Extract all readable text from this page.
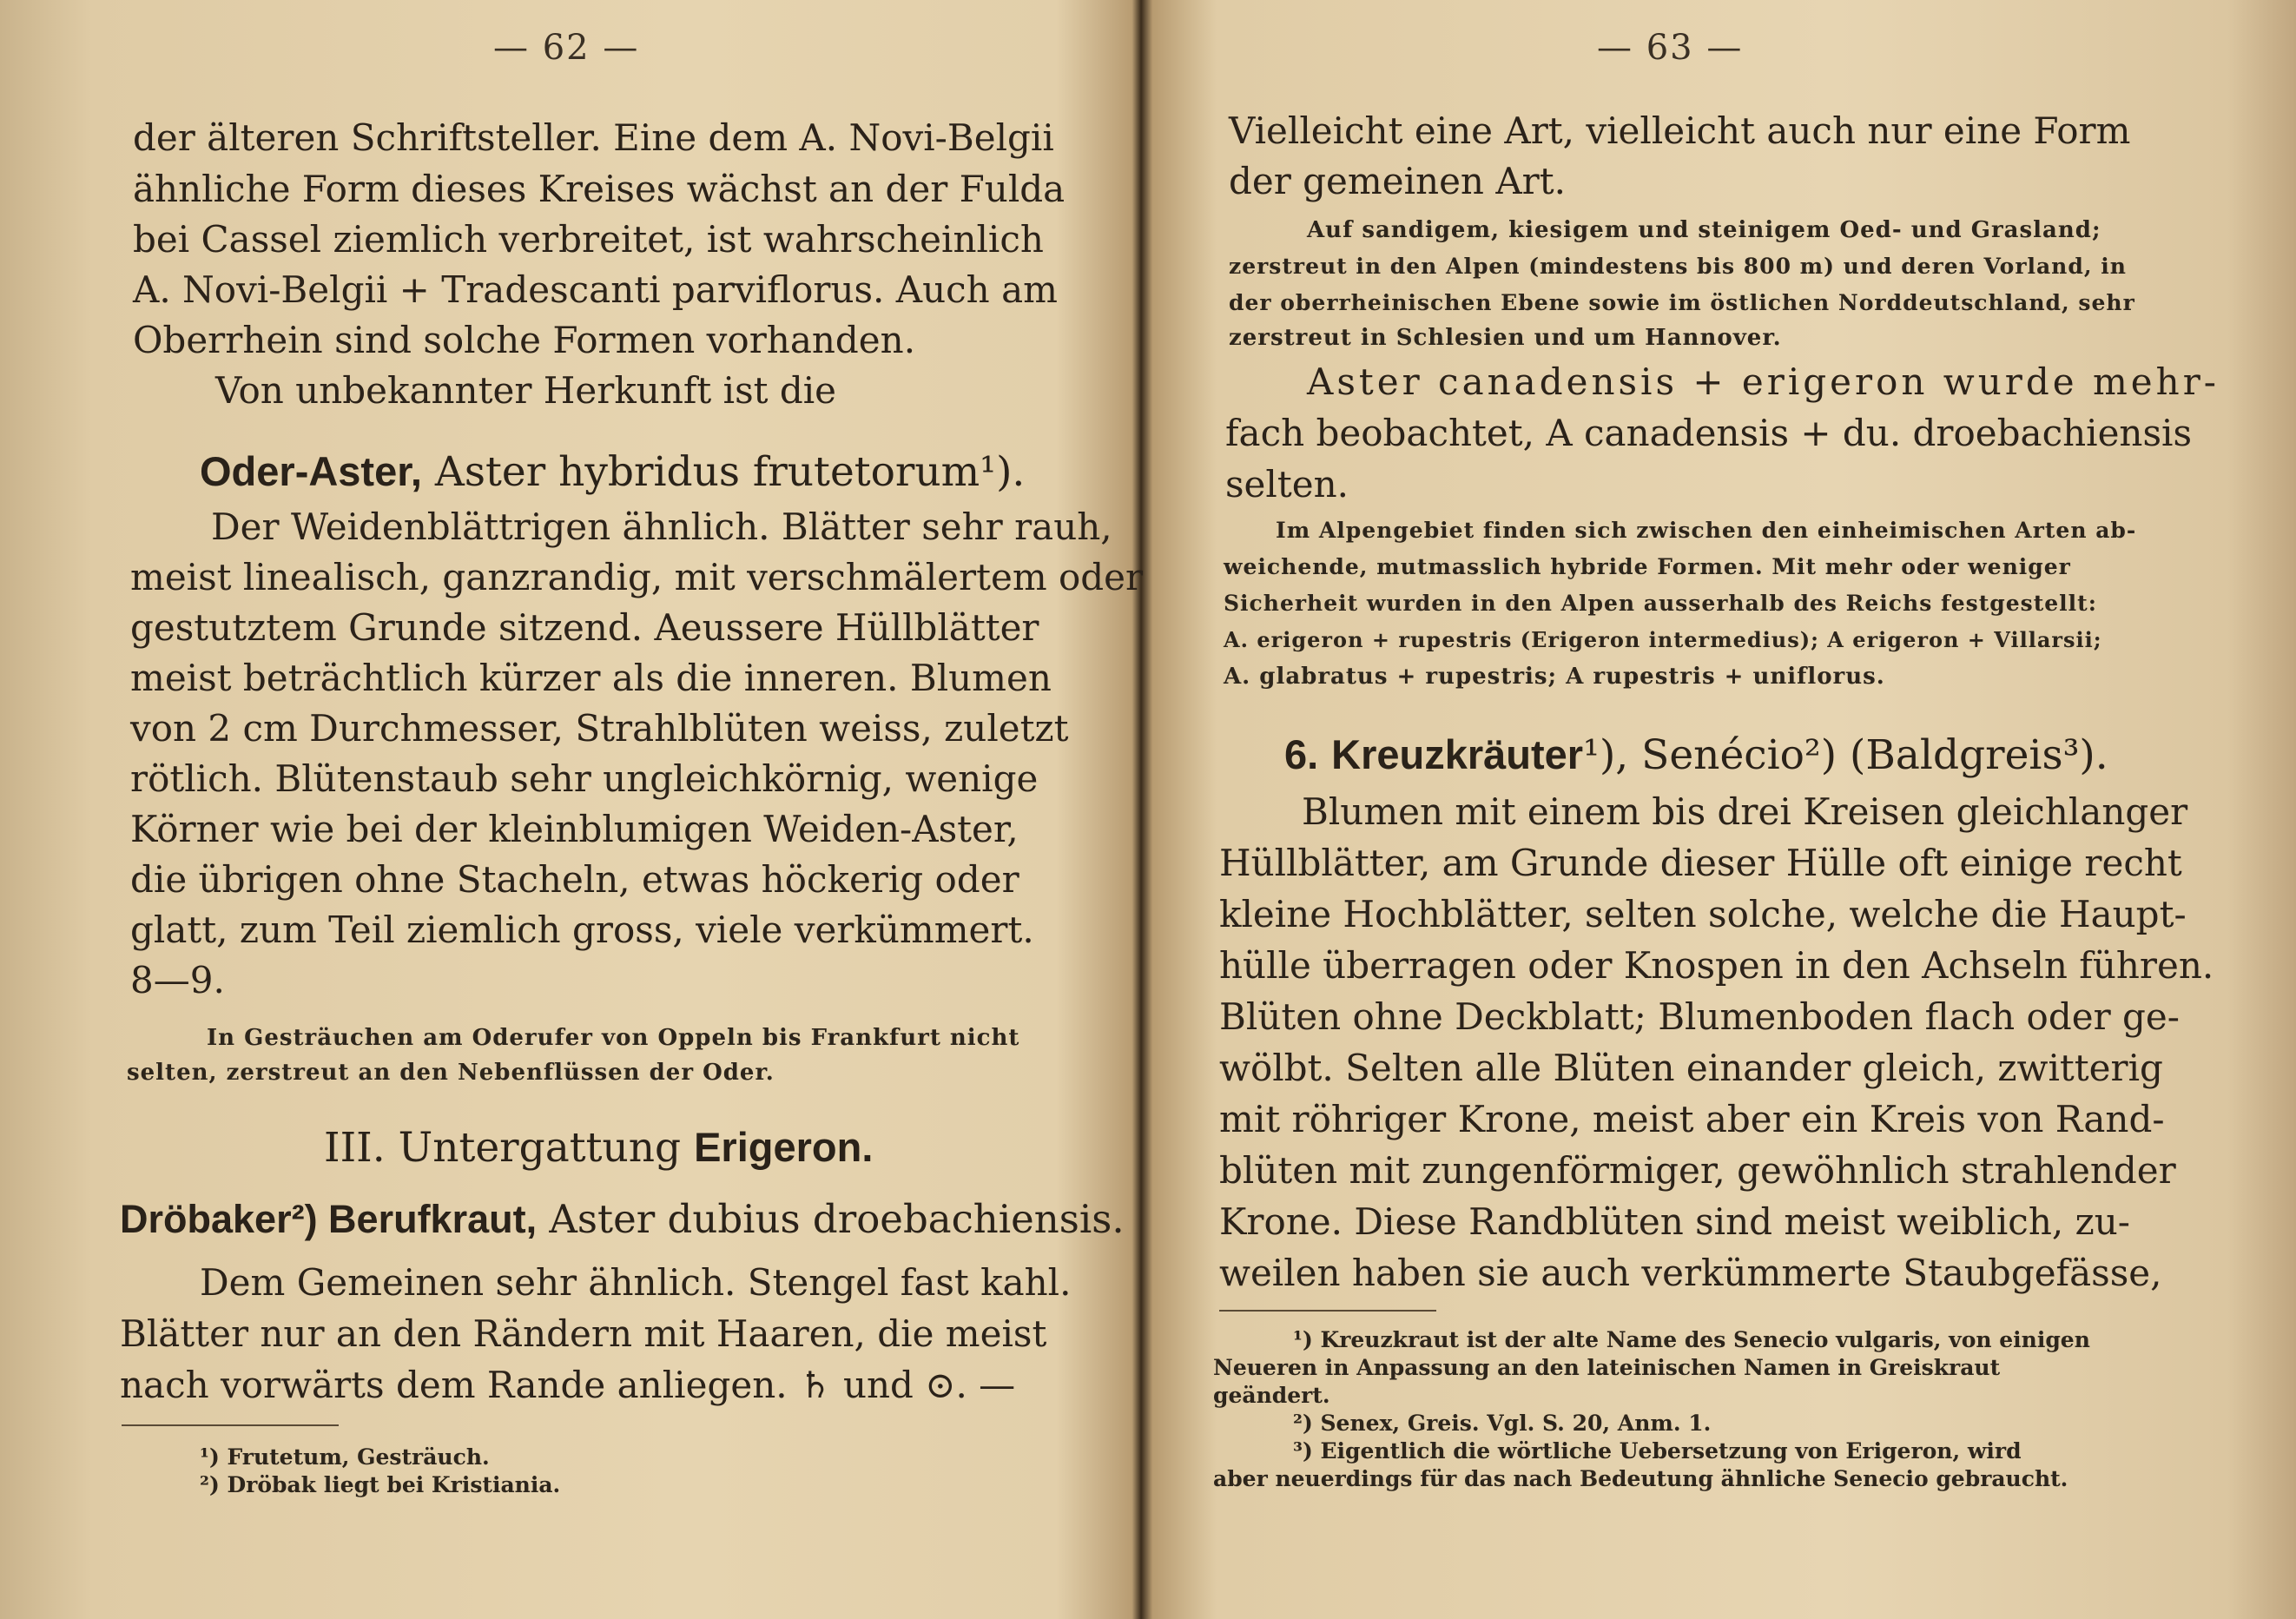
— 62 —
der älteren Schriftsteller. Eine dem A. Novi-Belgii
ähnliche Form dieses Kreises wächst an der Fulda
bei Cassel ziemlich verbreitet, ist wahrscheinlich
A. Novi-Belgii + Tradescanti parviflorus. Auch am
Oberrhein sind solche Formen vorhanden.
Von unbekannter Herkunft ist die
Oder-Aster, Aster hybridus frutetorum¹).
Der Weidenblättrigen ähnlich. Blätter sehr rauh,
meist linealisch, ganzrandig, mit verschmälertem oder
gestutztem Grunde sitzend. Aeussere Hüllblätter
meist beträchtlich kürzer als die inneren. Blumen
von 2 cm Durchmesser, Strahlblüten weiss, zuletzt
rötlich. Blütenstaub sehr ungleichkörnig, wenige
Körner wie bei der kleinblumigen Weiden-Aster,
die übrigen ohne Stacheln, etwas höckerig oder
glatt, zum Teil ziemlich gross, viele verkümmert.
8—9.
In Gesträuchen am Oderufer von Oppeln bis Frankfurt nicht
selten, zerstreut an den Nebenflüssen der Oder.
III. Untergattung Erigeron.
Dröbaker²) Berufkraut, Aster dubius droebachiensis.
Dem Gemeinen sehr ähnlich. Stengel fast kahl.
Blätter nur an den Rändern mit Haaren, die meist
nach vorwärts dem Rande anliegen. ♄ und ⊙. —
¹) Frutetum, Gesträuch.
²) Dröbak liegt bei Kristiania.
— 63 —
Vielleicht eine Art, vielleicht auch nur eine Form
der gemeinen Art.
Auf sandigem, kiesigem und steinigem Oed- und Grasland;
zerstreut in den Alpen (mindestens bis 800 m) und deren Vorland, in
der oberrheinischen Ebene sowie im östlichen Norddeutschland, sehr
zerstreut in Schlesien und um Hannover.
Aster canadensis + erigeron wurde mehr-
fach beobachtet, A canadensis + du. droebachiensis
selten.
Im Alpengebiet finden sich zwischen den einheimischen Arten ab-
weichende, mutmasslich hybride Formen. Mit mehr oder weniger
Sicherheit wurden in den Alpen ausserhalb des Reichs festgestellt:
A. erigeron + rupestris (Erigeron intermedius); A erigeron + Villarsii;
A. glabratus + rupestris; A rupestris + uniflorus.
6. Kreuzkräuter¹), Senécio²) (Baldgreis³).
Blumen mit einem bis drei Kreisen gleichlanger
Hüllblätter, am Grunde dieser Hülle oft einige recht
kleine Hochblätter, selten solche, welche die Haupt-
hülle überragen oder Knospen in den Achseln führen.
Blüten ohne Deckblatt; Blumenboden flach oder ge-
wölbt. Selten alle Blüten einander gleich, zwitterig
mit röhriger Krone, meist aber ein Kreis von Rand-
blüten mit zungenförmiger, gewöhnlich strahlender
Krone. Diese Randblüten sind meist weiblich, zu-
weilen haben sie auch verkümmerte Staubgefässe,
¹) Kreuzkraut ist der alte Name des Senecio vulgaris, von einigen
Neueren in Anpassung an den lateinischen Namen in Greiskraut
geändert.
²) Senex, Greis. Vgl. S. 20, Anm. 1.
³) Eigentlich die wörtliche Uebersetzung von Erigeron, wird
aber neuerdings für das nach Bedeutung ähnliche Senecio gebraucht.
